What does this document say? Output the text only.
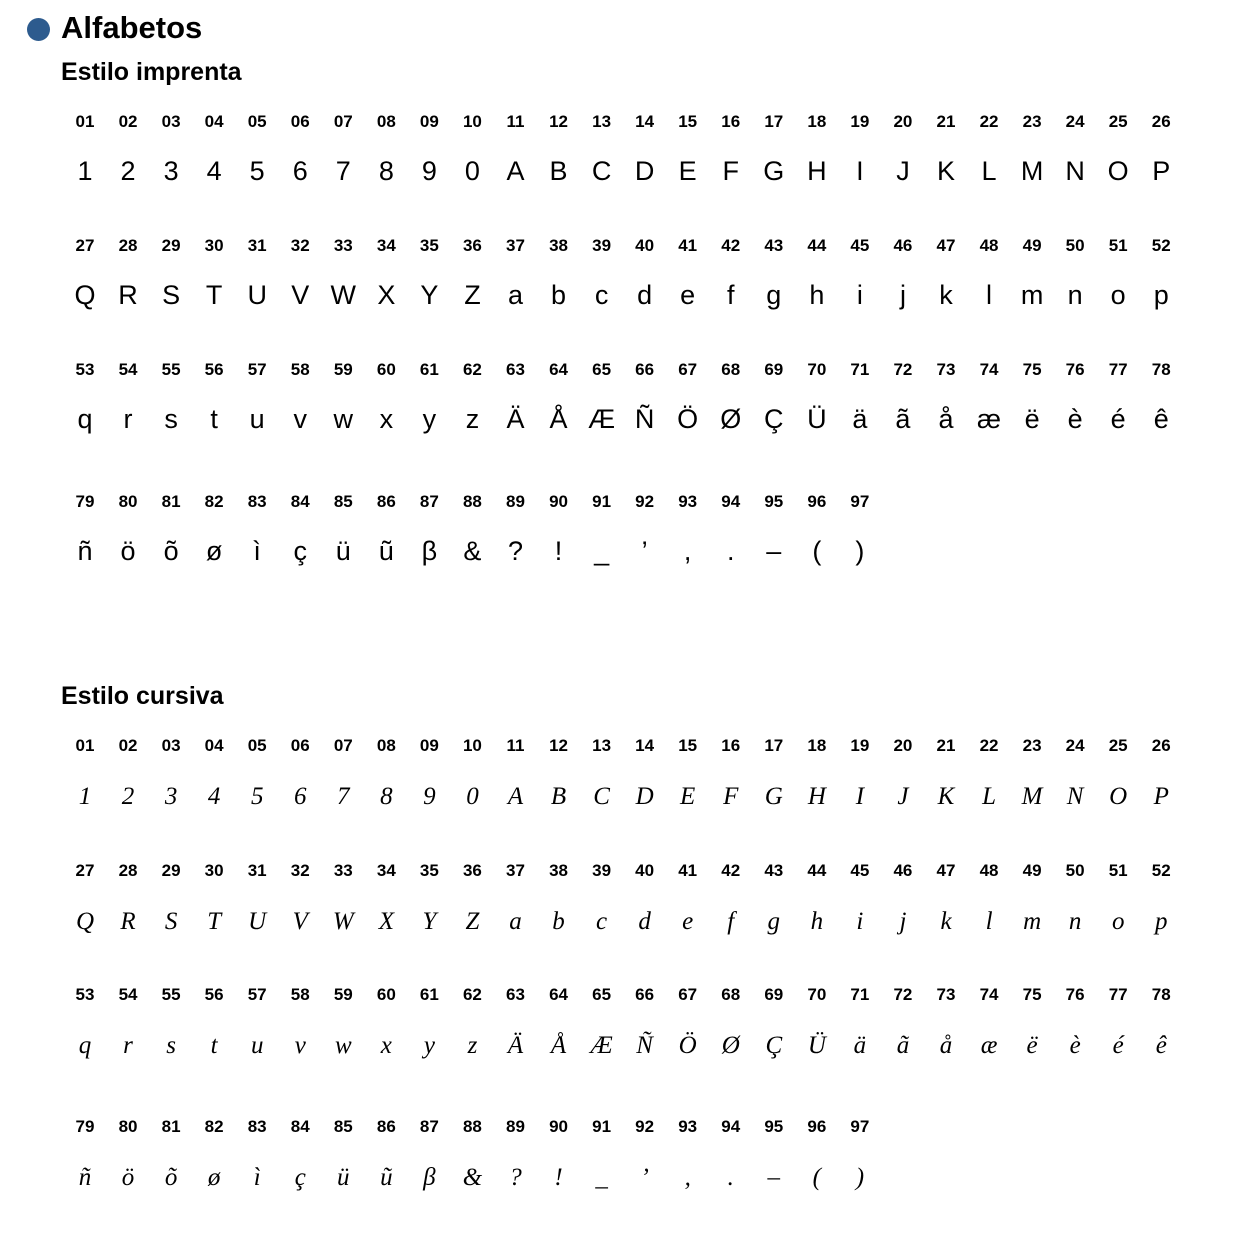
Alfabetos
Estilo imprenta
01
1
02
2
03
3
04
4
05
5
06
6
07
7
08
8
09
9
10
0
11
A
12
B
13
C
14
D
15
E
16
F
17
G
18
H
19
I
20
J
21
K
22
L
23
M
24
N
25
O
26
P
27
Q
28
R
29
S
30
T
31
U
32
V
33
W
34
X
35
Y
36
Z
37
a
38
b
39
c
40
d
41
e
42
f
43
g
44
h
45
i
46
j
47
k
48
l
49
m
50
n
51
o
52
p
53
q
54
r
55
s
56
t
57
u
58
v
59
w
60
x
61
y
62
z
63
Ä
64
Å
65
Æ
66
Ñ
67
Ö
68
Ø
69
Ç
70
Ü
71
ä
72
ã
73
å
74
æ
75
ë
76
è
77
é
78
ê
79
ñ
80
ö
81
õ
82
ø
83
ì
84
ç
85
ü
86
ũ
87
β
88
&
89
?
90
!
91
_
92
’
93
,
94
.
95
–
96
(
97
)
Estilo cursiva
01
1
02
2
03
3
04
4
05
5
06
6
07
7
08
8
09
9
10
0
11
A
12
B
13
C
14
D
15
E
16
F
17
G
18
H
19
I
20
J
21
K
22
L
23
M
24
N
25
O
26
P
27
Q
28
R
29
S
30
T
31
U
32
V
33
W
34
X
35
Y
36
Z
37
a
38
b
39
c
40
d
41
e
42
f
43
g
44
h
45
i
46
j
47
k
48
l
49
m
50
n
51
o
52
p
53
q
54
r
55
s
56
t
57
u
58
v
59
w
60
x
61
y
62
z
63
Ä
64
Å
65
Æ
66
Ñ
67
Ö
68
Ø
69
Ç
70
Ü
71
ä
72
ã
73
å
74
æ
75
ë
76
è
77
é
78
ê
79
ñ
80
ö
81
õ
82
ø
83
ì
84
ç
85
ü
86
ũ
87
β
88
&
89
?
90
!
91
_
92
’
93
,
94
.
95
–
96
(
97
)
